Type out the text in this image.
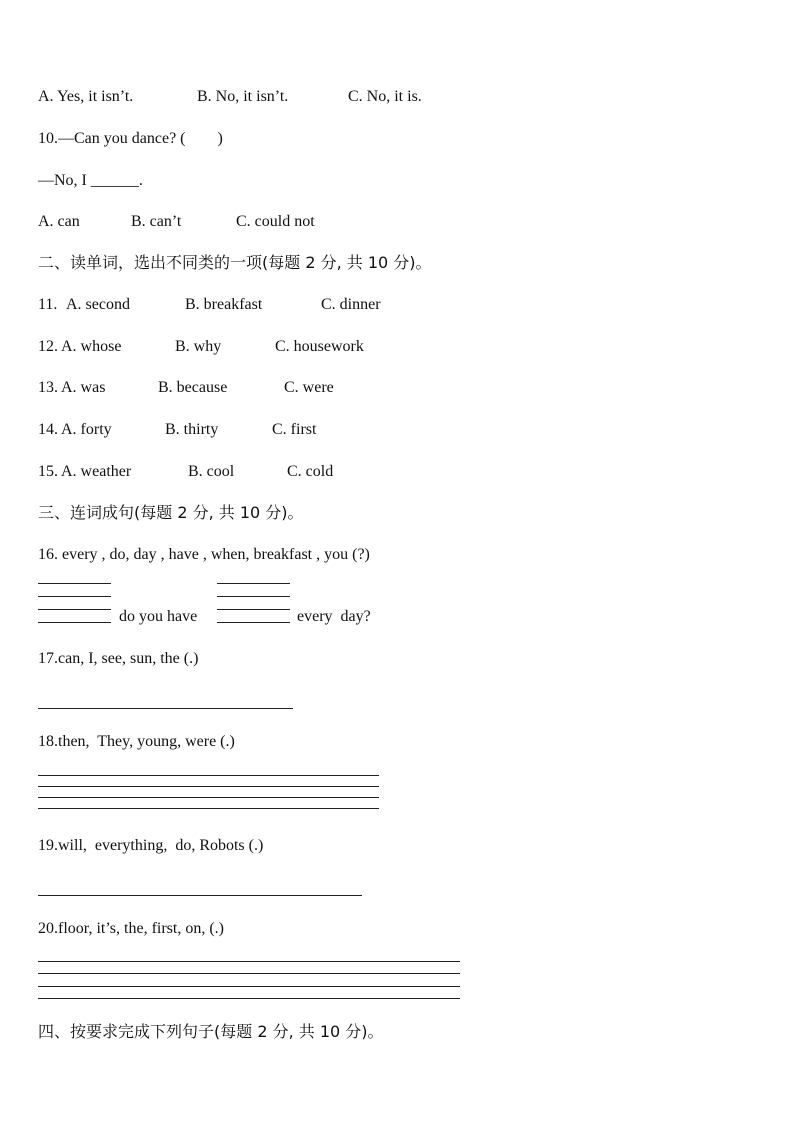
A. Yes, it isn’t.	B. No, it isn’t.	C. No, it is.
10.—Can you dance? (　　)
—No, I ______.
A. can	B. can’t	C. could not
二、读单词，选出不同类的一项(每题 2 分, 共 10 分)。
11. A. second	B. breakfast	C. dinner
12. A. whose	B. why	C. housework
13. A. was	B. because	C. were
14. A. forty	B. thirty	C. first
15. A. weather	B. cool	C. cold
三、连词成句(每题 2 分, 共 10 分)。
16. every , do, day , have , when, breakfast , you (?)
do you have	every  day?
17.can, I, see, sun, the (.)
18.then,  They, young, were (.)
19.will,  everything,  do, Robots (.)
20.floor, it’s, the, first, on, (.)
四、按要求完成下列句子(每题 2 分, 共 10 分)。
